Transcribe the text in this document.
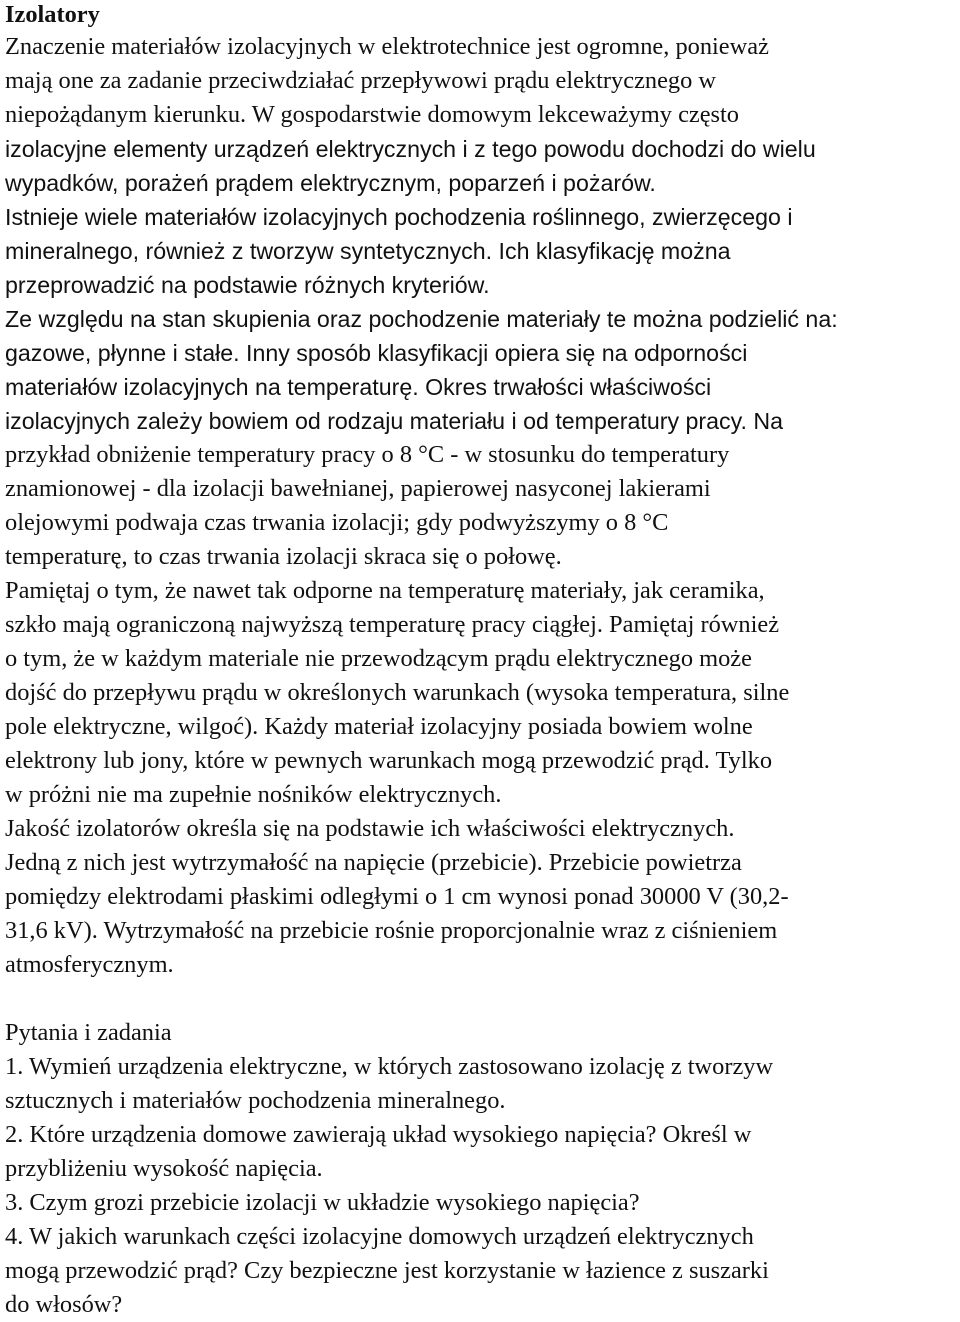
Izolatory
Znaczenie materiałów izolacyjnych w elektrotechnice jest ogromne, ponieważ
mają one za zadanie przeciwdziałać przepływowi prądu elektrycznego w
niepożądanym kierunku. W gospodarstwie domowym lekceważymy często
izolacyjne elementy urządzeń elektrycznych i z tego powodu dochodzi do wielu
wypadków, porażeń prądem elektrycznym, poparzeń i pożarów.
Istnieje wiele materiałów izolacyjnych pochodzenia roślinnego, zwierzęcego i
mineralnego, również z tworzyw syntetycznych. Ich klasyfikację można
przeprowadzić na podstawie różnych kryteriów.
Ze względu na stan skupienia oraz pochodzenie materiały te można podzielić na:
gazowe, płynne i stałe. Inny sposób klasyfikacji opiera się na odporności
materiałów izolacyjnych na temperaturę. Okres trwałości właściwości
izolacyjnych zależy bowiem od rodzaju materiału i od temperatury pracy. Na
przykład obniżenie temperatury pracy o 8 °C - w stosunku do temperatury
znamionowej - dla izolacji bawełnianej, papierowej nasyconej lakierami
olejowymi podwaja czas trwania izolacji; gdy podwyższymy o 8 °C
temperaturę, to czas trwania izolacji skraca się o połowę.
Pamiętaj o tym, że nawet tak odporne na temperaturę materiały, jak ceramika,
szkło mają ograniczoną najwyższą temperaturę pracy ciągłej. Pamiętaj również
o tym, że w każdym materiale nie przewodzącym prądu elektrycznego może
dojść do przepływu prądu w określonych warunkach (wysoka temperatura, silne
pole elektryczne, wilgoć). Każdy materiał izolacyjny posiada bowiem wolne
elektrony lub jony, które w pewnych warunkach mogą przewodzić prąd. Tylko
w próżni nie ma zupełnie nośników elektrycznych.
Jakość izolatorów określa się na podstawie ich właściwości elektrycznych.
Jedną z nich jest wytrzymałość na napięcie (przebicie). Przebicie powietrza
pomiędzy elektrodami płaskimi odległymi o 1 cm wynosi ponad 30000 V (30,2-
31,6 kV). Wytrzymałość na przebicie rośnie proporcjonalnie wraz z ciśnieniem
atmosferycznym.
Pytania i zadania
1. Wymień urządzenia elektryczne, w których zastosowano izolację z tworzyw
sztucznych i materiałów pochodzenia mineralnego.
2. Które urządzenia domowe zawierają układ wysokiego napięcia? Określ w
przybliżeniu wysokość napięcia.
3. Czym grozi przebicie izolacji w układzie wysokiego napięcia?
4. W jakich warunkach części izolacyjne domowych urządzeń elektrycznych
mogą przewodzić prąd? Czy bezpieczne jest korzystanie w łazience z suszarki
do włosów?
